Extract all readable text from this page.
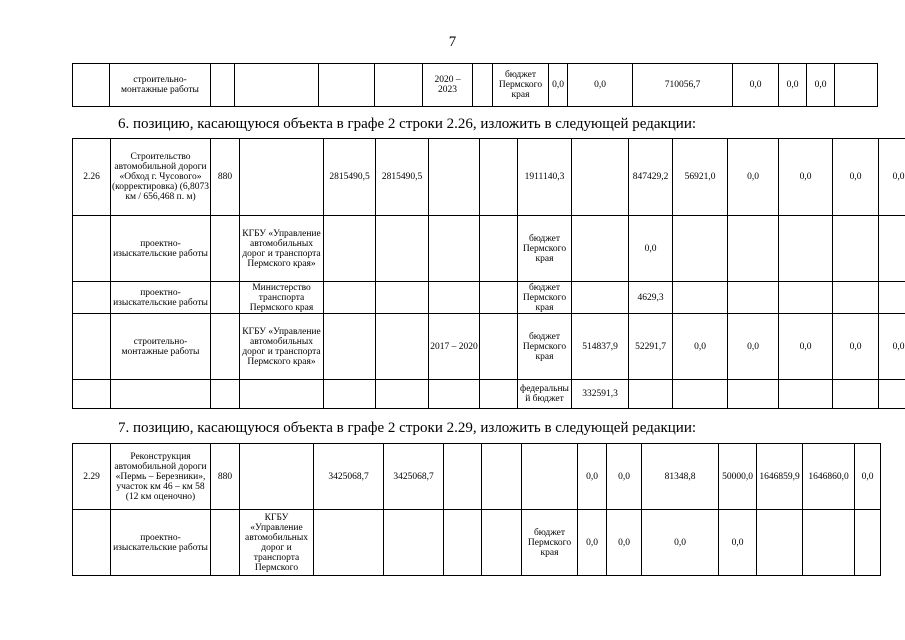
7
	строительно-монтажные работы					2020 – 2023		бюджет Пермского края	0,0	0,0	710056,7	0,0	0,0	0,0	
6. позицию, касающуюся объекта в графе 2 строки 2.26, изложить в следующей редакции:
2.26	Строительство автомобильной дороги «Обход г. Чусового» (корректировка) (6,8073 км / 656,468 п. м)	880		2815490,5	2815490,5			1911140,3		847429,2	56921,0	0,0	0,0	0,0	0,0
	проектно-изыскательские работы		КГБУ «Управление автомобильных дорог и транспорта Пермского края»					бюджет Пермского края		0,0					
	проектно-изыскательские работы		Министерство транспорта Пермского края					бюджет Пермского края		4629,3					
	строительно-монтажные работы		КГБУ «Управление автомобильных дорог и транспорта Пермского края»			2017 – 2020		бюджет Пермского края	514837,9	52291,7	0,0	0,0	0,0	0,0	0,0
								федеральный бюджет	332591,3						
7. позицию, касающуюся объекта в графе 2 строки 2.29, изложить в следующей редакции:
2.29	Реконструкция автомобильной дороги «Пермь – Березники», участок км 46 – км 58 (12 км оценочно)	880		3425068,7	3425068,7				0,0	0,0	81348,8	50000,0	1646859,9	1646860,0	0,0
	проектно-изыскательские работы		КГБУ «Управление автомобильных дорог и транспорта Пермского					бюджет Пермского края	0,0	0,0	0,0	0,0			
